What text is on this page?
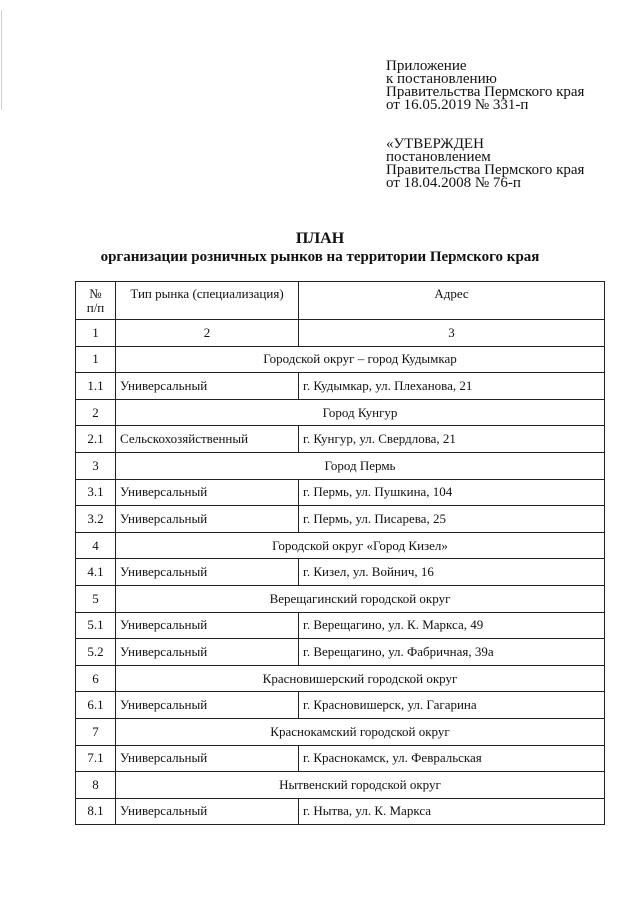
Приложение
к постановлению
Правительства Пермского края
от 16.05.2019 № 331-п
«УТВЕРЖДЕН
постановлением
Правительства Пермского края
от 18.04.2008 № 76-п
ПЛАН
организации розничных рынков на территории Пермского края
№
п/п	Тип рынка (специализация)	Адрес
1	2	3
1	Городской округ – город Кудымкар	
1.1	Универсальный	г. Кудымкар, ул. Плеханова, 21
2	Город Кунгур	
2.1	Сельскохозяйственный	г. Кунгур, ул. Свердлова, 21
3	Город Пермь	
3.1	Универсальный	г. Пермь, ул. Пушкина, 104
3.2	Универсальный	г. Пермь, ул. Писарева, 25
4	Городской округ «Город Кизел»	
4.1	Универсальный	г. Кизел, ул. Войнич, 16
5	Верещагинский городской округ	
5.1	Универсальный	г. Верещагино, ул. К. Маркса, 49
5.2	Универсальный	г. Верещагино, ул. Фабричная, 39а
6	Красновишерский городской округ	
6.1	Универсальный	г. Красновишерск, ул. Гагарина
7	Краснокамский городской округ	
7.1	Универсальный	г. Краснокамск, ул. Февральская
8	Нытвенский городской округ	
8.1	Универсальный	г. Нытва, ул. К. Маркса
